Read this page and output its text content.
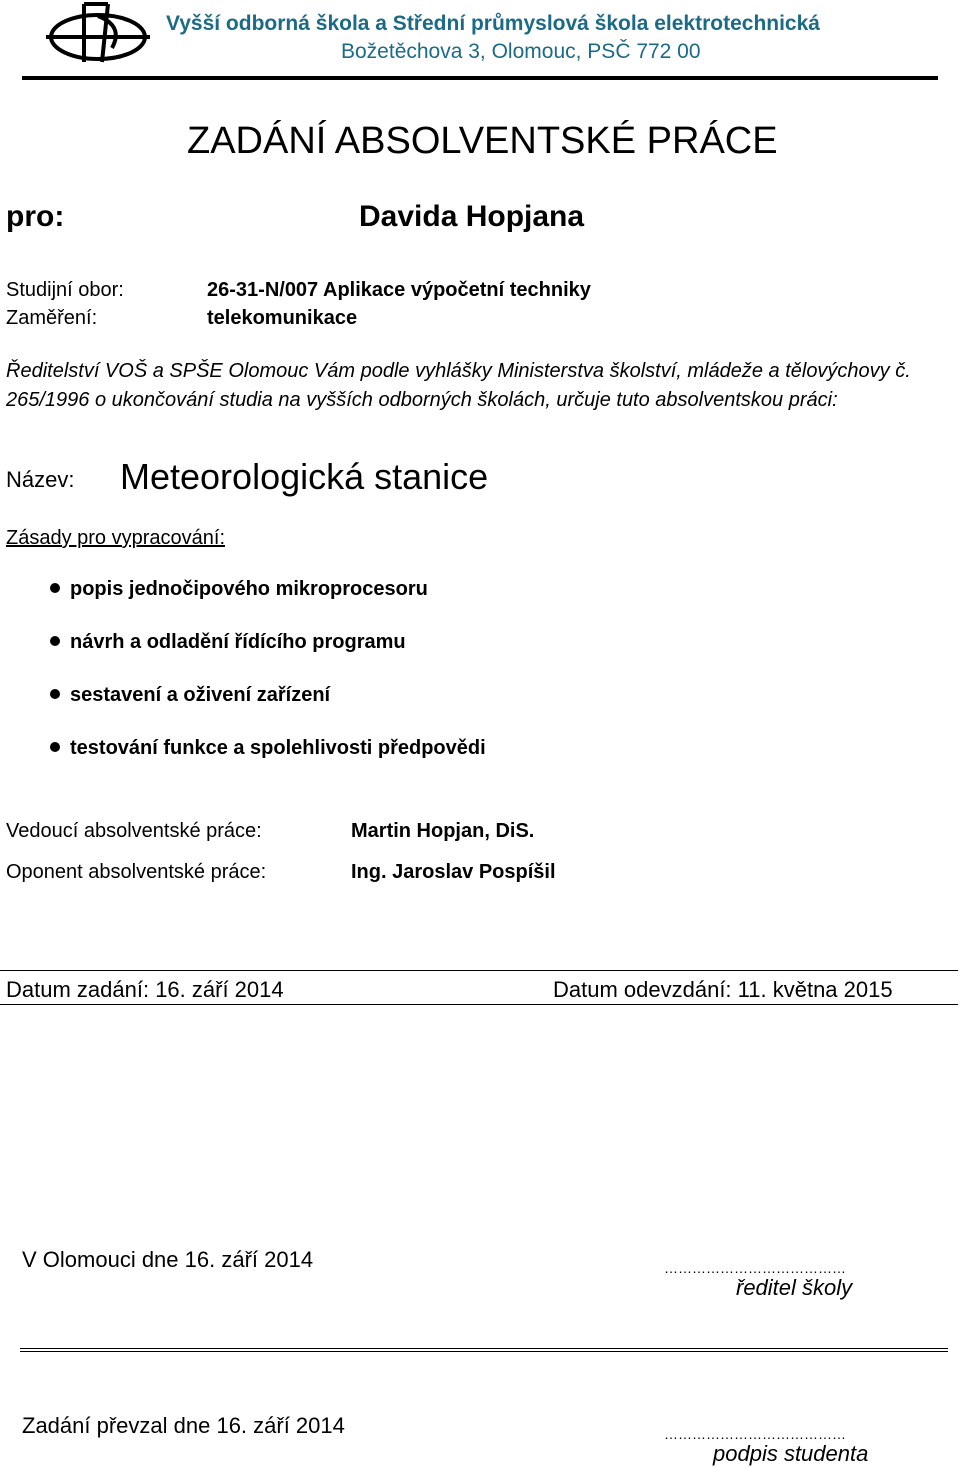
Vyšší odborná škola a Střední průmyslová škola elektrotechnická
Božetěchova 3, Olomouc, PSČ 772 00
ZADÁNÍ ABSOLVENTSKÉ PRÁCE
pro:	Davida Hopjana
Studijní obor:	26-31-N/007 Aplikace výpočetní techniky
Zaměření:	telekomunikace
Ředitelství VOŠ a SPŠE Olomouc Vám podle vyhlášky Ministerstva školství, mládeže a tělovýchovy č. 265/1996 o ukončování studia na vyšších odborných školách, určuje tuto absolventskou práci:
Název: Meteorologická stanice
Zásady pro vypracování:
popis jednočipového mikroprocesoru
návrh a odladění řídícího programu
sestavení a oživení zařízení
testování funkce a spolehlivosti předpovědi
Vedoucí absolventské práce:	Martin Hopjan, DiS.
Oponent absolventské práce:	Ing. Jaroslav Pospíšil
Datum zadání: 16. září 2014	Datum odevzdání: 11. května 2015
V Olomouci dne 16. září 2014	…………………………………
ředitel školy
Zadání převzal dne 16. září 2014	…………………………………
podpis studenta
